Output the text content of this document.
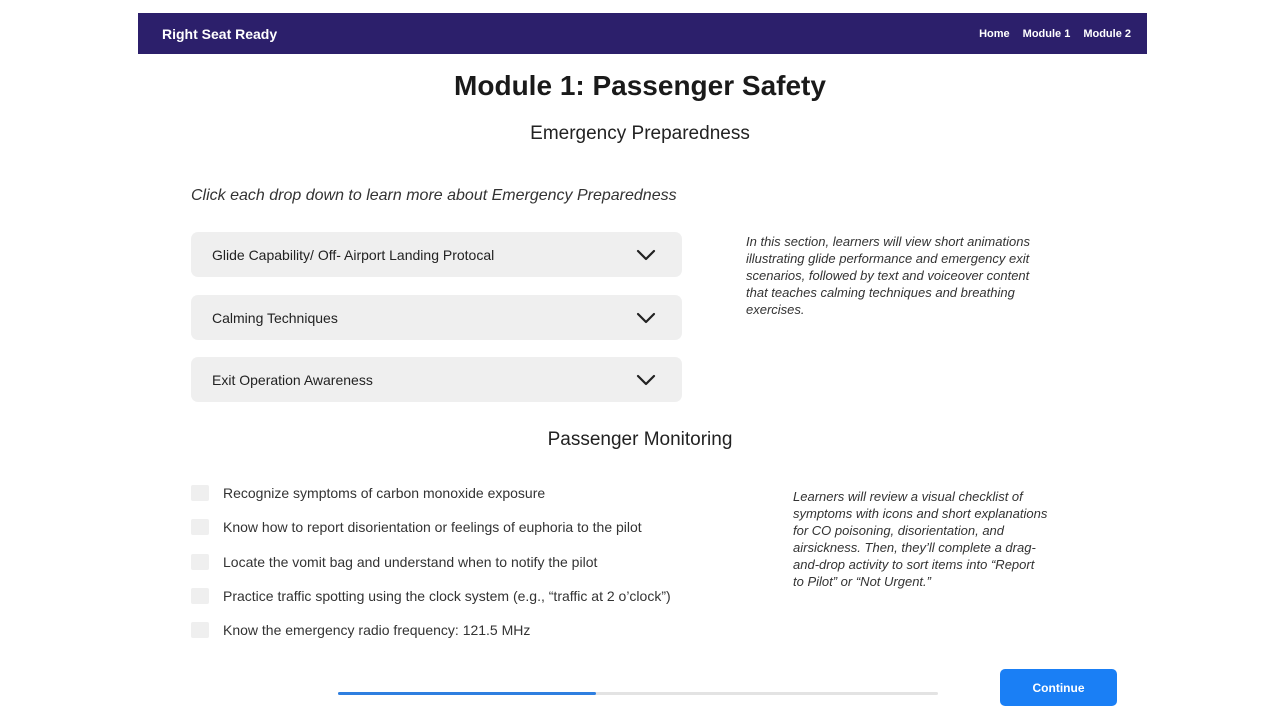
Right Seat Ready	Home Module 1 Module 2
Module 1: Passenger Safety
Emergency Preparedness
Click each drop down to learn more about Emergency Preparedness
Glide Capability/ Off- Airport Landing Protocal
Calming Techniques
Exit Operation Awareness
In this section, learners will view short animations
illustrating glide performance and emergency exit
scenarios, followed by text and voiceover content
that teaches calming techniques and breathing
exercises.
Passenger Monitoring
Recognize symptoms of carbon monoxide exposure
Know how to report disorientation or feelings of euphoria to the pilot
Locate the vomit bag and understand when to notify the pilot
Practice traffic spotting using the clock system (e.g., “traffic at 2 o’clock”)
Know the emergency radio frequency: 121.5 MHz
Learners will review a visual checklist of
symptoms with icons and short explanations
for CO poisoning, disorientation, and
airsickness. Then, they’ll complete a drag-
and-drop activity to sort items into “Report
to Pilot” or “Not Urgent.”
Continue
